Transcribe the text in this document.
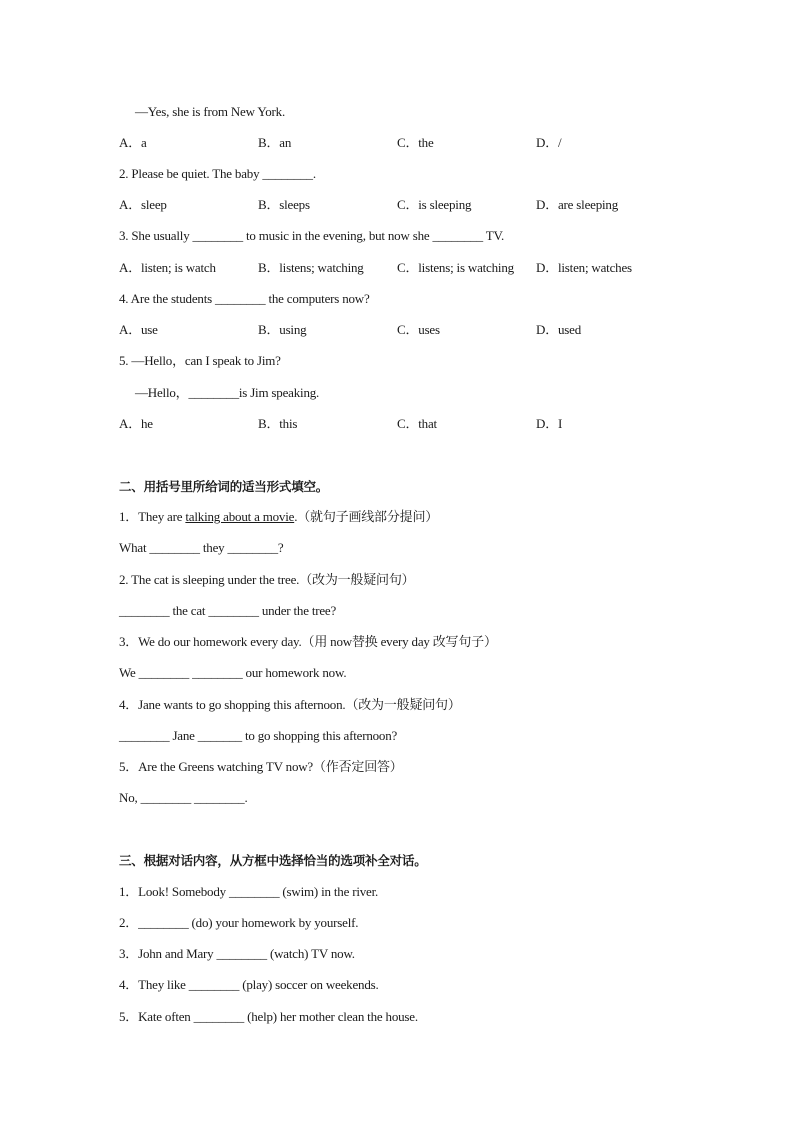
—Yes, she is from New York.

A．a

	B．an

	C．the

	D．/

2. Please be quiet. The baby ________.

A．sleep

	B．sleeps

	C．is sleeping

	D．are sleeping

3. She usually ________ to music in the evening, but now she ________ TV.

A．listen; is watch

	B．listens; watching

	C．listens; is watching

D．listen; watches

4. Are the students ________ the computers now?

A．use

	B．using

	C．uses

	D．used

5. —Hello，can I speak to Jim?
—Hello，________is Jim speaking.

A．he

	B．this

	C．that

	D．I

二、用括号里所给词的适当形式填空。
1．They are talking about a movie.（就句子画线部分提问）
What ________ they ________?
2. The cat is sleeping under the tree.（改为一般疑问句）
________ the cat ________ under the tree?
3．We do our homework every day.（用 now替换 every day 改写句子）
We ________ ________ our homework now.
4．Jane wants to go shopping this afternoon.（改为一般疑问句）
________ Jane _______ to go shopping this afternoon?
5．Are the Greens watching TV now?（作否定回答）
No, ________ ________.
三、根据对话内容，从方框中选择恰当的选项补全对话。
1．Look! Somebody ________ (swim) in the river.
2．________ (do) your homework by yourself.
3．John and Mary ________ (watch) TV now.
4．They like ________ (play) soccer on weekends.
5．Kate often ________ (help) her mother clean the house.
